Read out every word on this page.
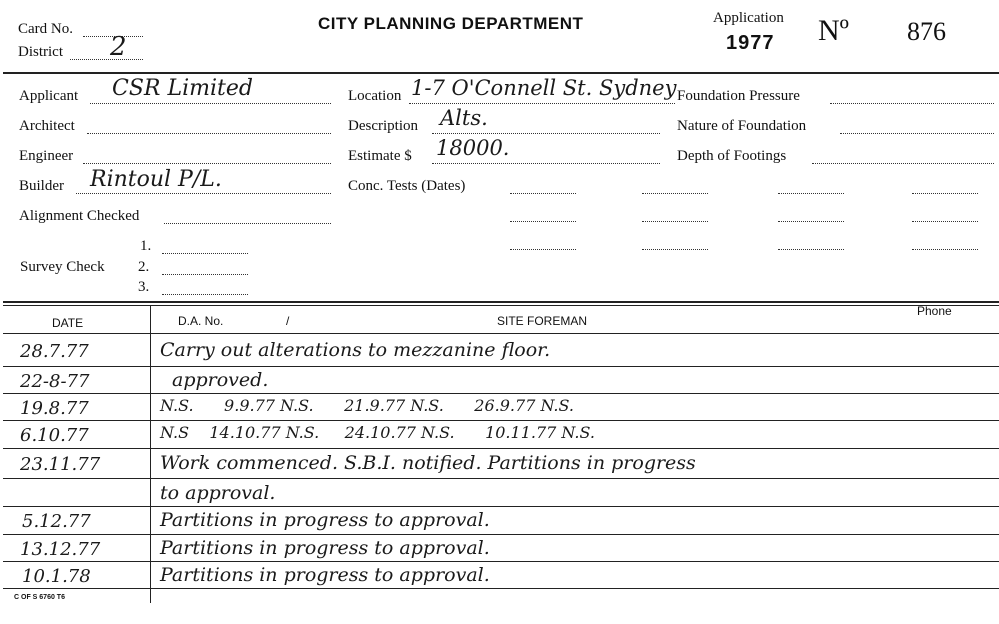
Card No.
District 2
CITY PLANNING DEPARTMENT	Application
1977 Nº 876
Applicant CSR Limited
Architect
Engineer
Builder Rintoul P/L.
Alignment Checked
1.
Survey Check 2.
3.
Location 1-7 O'Connell St. Sydney
Description Alts.
Estimate $ 18000.
Conc. Tests (Dates)
Foundation Pressure
Nature of Foundation
Depth of Footings
DATE	D.A. No.	/	SITE FOREMAN
Phone
28.7.77	Carry out alterations to mezzanine floor.
22-8-77	approved.
19.8.77	N.S.      9.9.77 N.S.      21.9.77 N.S.      26.9.77 N.S.
6.10.77	N.S    14.10.77 N.S.     24.10.77 N.S.      10.11.77 N.S.
23.11.77	Work commenced. S.B.I. notified. Partitions in progress
to approval.
5.12.77	Partitions in progress to approval.
13.12.77	Partitions in progress to approval.
10.1.78	Partitions in progress to approval.
C OF S 6760 T6
